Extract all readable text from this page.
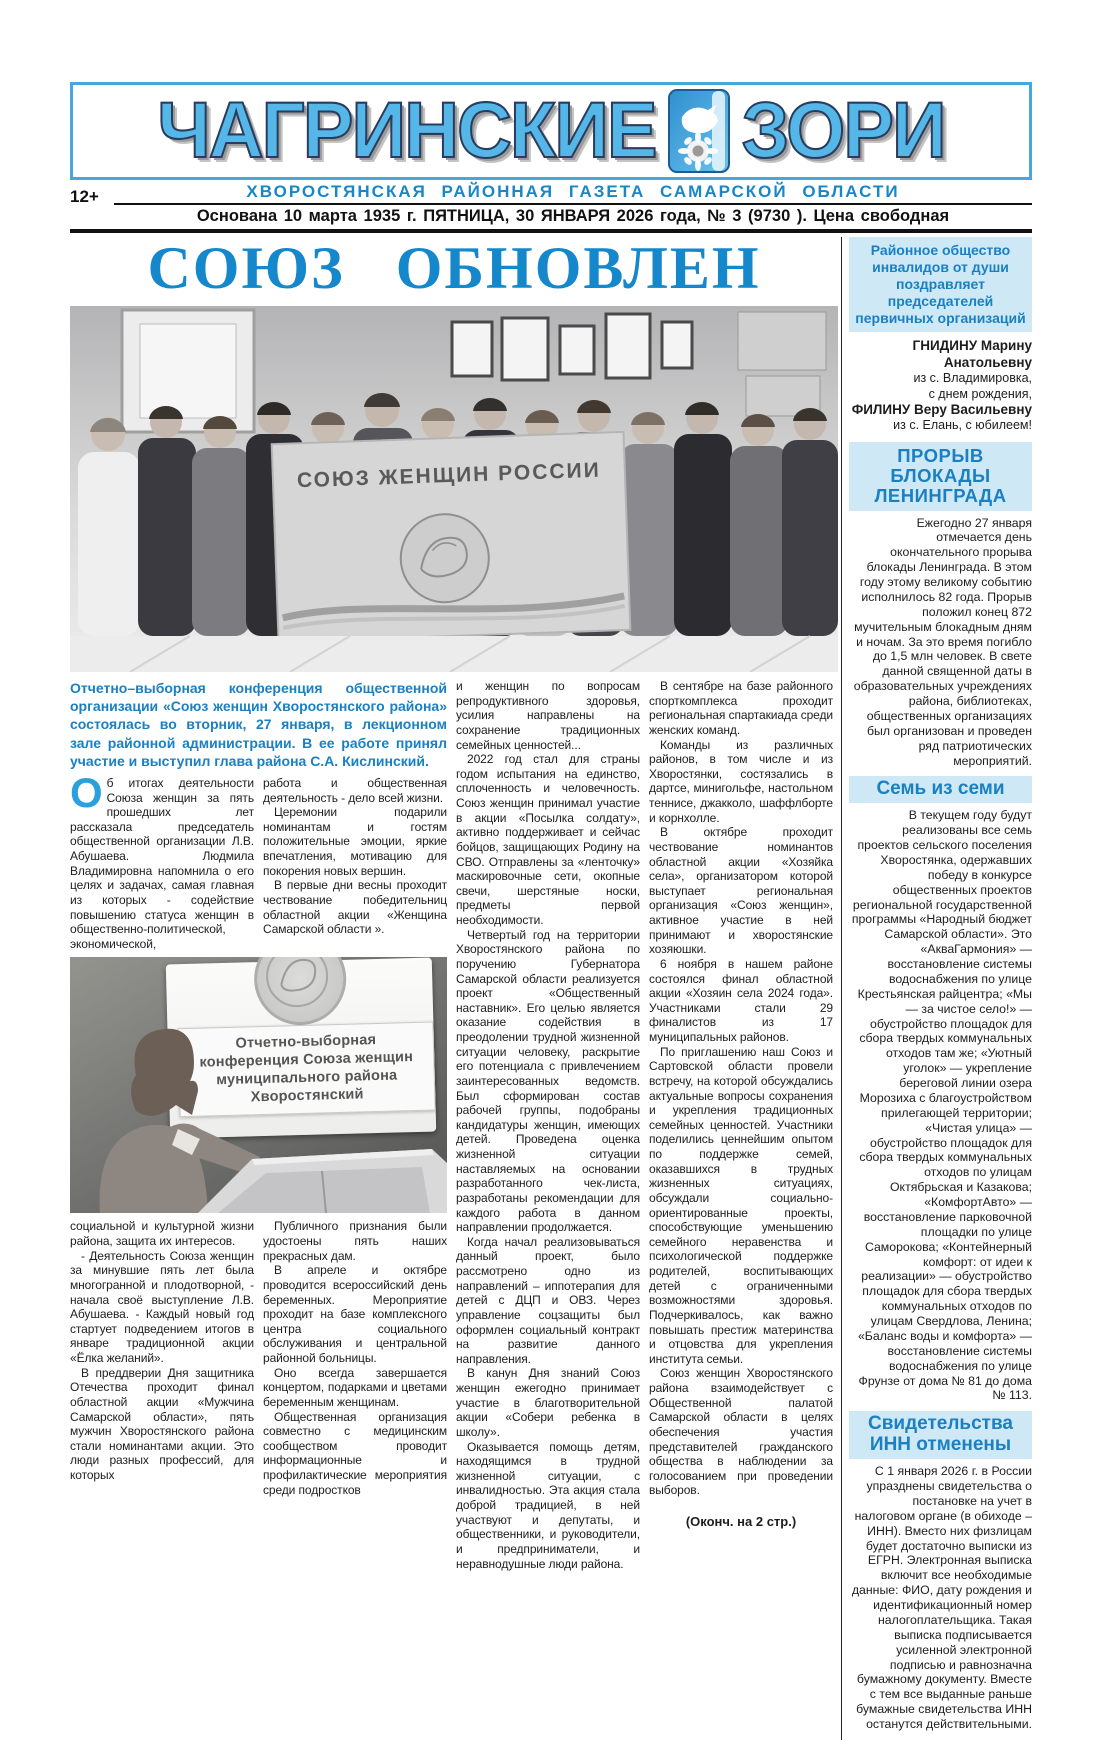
ЧАГРИНСКИЕ ЗОРИ
12+	ХВОРОСТЯНСКАЯ РАЙОННАЯ ГАЗЕТА САМАРСКОЙ ОБЛАСТИ
Основана 10 марта 1935 г. ПЯТНИЦА, 30 ЯНВАРЯ 2026 года, № 3 (9730 ). Цена свободная
СОЮЗ ОБНОВЛЕН
СОЮЗ ЖЕНЩИН РОССИИ

Отчетно–выборная конференция общественной организации «Союз женщин Хворостянского района» состоялась во вторник, 27 января, в лекционном зале районной администрации. В ее работе принял участие и выступил глава района С.А. Кислинский.

Об итогах деятельности Союза женщин за пять прошедших лет рассказала председатель общественной организации Л.В. Абушаева. Людмила Владимировна напомнила о его целях и задачах, самая главная из которых - содействие повышению статуса женщин в общественно-политической, экономической,

работа и общественная деятельность - дело всей жизни.

Церемонии подарили номинантам и гостям положительные эмоции, яркие впечатления, мотивацию для покорения новых вершин.

В первые дни весны проходит чествование победительниц областной акции «Женщина Самарской области ».

Отчетно-выборная конференция Союза женщин муниципального района Хворостянский

социальной и культурной жизни района, защита их интересов.

- Деятельность Союза женщин за минувшие пять лет была многогранной и плодотворной, - начала своё выступление Л.В. Абушаева. - Каждый новый год стартует подведением итогов в январе традиционной акции «Ёлка желаний».

В преддверии Дня защитника Отечества проходит финал областной акции «Мужчина Самарской области», пять мужчин Хворостянского района стали номинантами акции. Это люди разных профессий, для которых

Публичного признания были удостоены пять наших прекрасных дам.

В апреле и октябре проводится всероссийский день беременных. Мероприятие проходит на базе комплексного центра социального обслуживания и центральной районной больницы.

Оно всегда завершается концертом, подарками и цветами беременным женщинам.

Общественная организация совместно с медицинским сообществом проводит информационные и профилактические мероприятия среди подростков

и женщин по вопросам репродуктивного здоровья, усилия направлены на сохранение традиционных семейных ценностей...

2022 год стал для страны годом испытания на единство, сплоченность и человечность. Союз женщин принимал участие в акции «Посылка солдату», активно поддерживает и сейчас бойцов, защищающих Родину на СВО. Отправлены за «ленточку» маскировочные сети, окопные свечи, шерстяные носки, предметы первой необходимости.

Четвертый год на территории Хворостянского района по поручению Губернатора Самарской области реализуется проект «Общественный наставник». Его целью является оказание содействия в преодолении трудной жизненной ситуации человеку, раскрытие его потенциала с привлечением заинтересованных ведомств. Был сформирован состав рабочей группы, подобраны кандидатуры женщин, имеющих детей. Проведена оценка жизненной ситуации наставляемых на основании разработанного чек-листа, разработаны рекомендации для каждого работа в данном направлении продолжается.

Когда начал реализовываться данный проект, было рассмотрено одно из направлений – иппотерапия для детей с ДЦП и ОВЗ. Через управление соцзащиты был оформлен социальный контракт на развитие данного направления.

В канун Дня знаний Союз женщин ежегодно принимает участие в благотворительной акции «Собери ребенка в школу».

Оказывается помощь детям, находящимся в трудной жизненной ситуации, с инвалидностью. Эта акция стала доброй традицией, в ней участвуют и депутаты, и общественники, и руководители, и предприниматели, и неравнодушные люди района.

В сентябре на базе районного спорткомплекса проходит региональная спартакиада среди женских команд.

Команды из различных районов, в том числе и из Хворостянки, состязались в дартсе, минигольфе, настольном теннисе, джакколо, шаффлборте и корнхолле.

В октябре проходит чествование номинантов областной акции «Хозяйка села», организатором которой выступает региональная организация «Союз женщин», активное участие в ней принимают и хворостянские хозяюшки.

6 ноября в нашем районе состоялся финал областной акции «Хозяин села 2024 года». Участниками стали 29 финалистов из 17 муниципальных районов.

По приглашению наш Союз и Сартовской области провели встречу, на которой обсуждались актуальные вопросы сохранения и укрепления традиционных семейных ценностей. Участники поделились ценнейшим опытом по поддержке семей, оказавшихся в трудных жизненных ситуациях, обсуждали социально-ориентированные проекты, способствующие уменьшению семейного неравенства и психологической поддержке родителей, воспитывающих детей с ограниченными возможностями здоровья. Подчеркивалось, как важно повышать престиж материнства и отцовства для укрепления института семьи.

Союз женщин Хворостянского района взаимодействует с Общественной палатой Самарской области в целях обеспечения участия представителей гражданского общества в наблюдении за голосованием при проведении выборов.

(Оконч. на 2 стр.)

Районное общество инвалидов от души поздравляет председателей первичных организаций
ГНИДИНУ Марину Анатольевну
из с. Владимировка,
с днем рождения,
ФИЛИНУ Веру Васильевну
из с. Елань, с юбилеем!
ПРОРЫВ БЛОКАДЫ ЛЕНИНГРАДА
Ежегодно 27 января отмечается день окончательного прорыва блокады Ленинграда. В этом году этому великому событию исполнилось 82 года. Прорыв положил конец 872 мучительным блокадным дням и ночам. За это время погибло до 1,5 млн человек. В свете данной священной даты в образовательных учреждениях района, библиотеках, общественных организациях был организован и проведен ряд патриотических мероприятий.
Семь из семи
В текущем году будут реализованы все семь проектов сельского поселения Хворостянка, одержавших победу в конкурсе общественных проектов региональной государственной программы «Народный бюджет Самарской области». Это «АкваГармония» — восстановление системы водоснабжения по улице Крестьянская райцентра; «Мы — за чистое село!» — обустройство площадок для сбора твердых коммунальных отходов там же; «Уютный уголок» — укрепление береговой линии озера Морозиха с благоустройством прилегающей территории; «Чистая улица» — обустройство площадок для сбора твердых коммунальных отходов по улицам Октябрьская и Казакова; «КомфортАвто» — восстановление парковочной площадки по улице Саморокова; «Контейнерный комфорт: от идеи к реализации» — обустройство площадок для сбора твердых коммунальных отходов по улицам Свердлова, Ленина; «Баланс воды и комфорта» — восстановление системы водоснабжения по улице Фрунзе от дома № 81 до дома № 113.
Свидетельства ИНН отменены
С 1 января 2026 г. в России упразднены свидетельства о постановке на учет в налоговом органе (в обиходе – ИНН). Вместо них физлицам будет достаточно выписки из ЕГРН. Электронная выписка включит все необходимые данные: ФИО, дату рождения и идентификационный номер налогоплательщика. Такая выписка подписывается усиленной электронной подписью и равнозначна бумажному документу. Вместе с тем все выданные раньше бумажные свидетельства ИНН останутся действительными.
